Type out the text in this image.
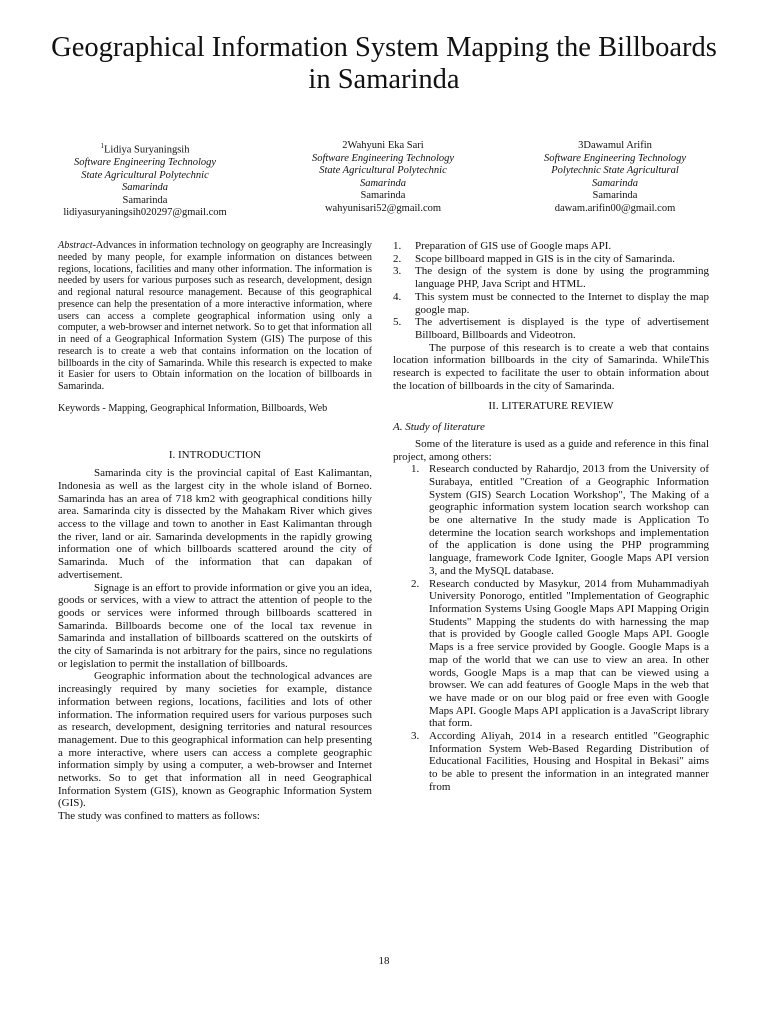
Geographical Information System Mapping the Billboards in Samarinda
$^1$Lidiya Suryaningsih
Software Engineering Technology
State Agricultural Polytechnic
Samarinda
Samarinda
lidiyasuryaningsih020297@gmail.com
2Wahyuni Eka Sari
Software Engineering Technology
State Agricultural Polytechnic
Samarinda
Samarinda
wahyunisari52@gmail.com
3Dawamul Arifin
Software Engineering Technology
Polytechnic State Agricultural
Samarinda
Samarinda
dawam.arifin00@gmail.com

Abstract-Advances in information technology on geography are Increasingly needed by many people, for example information on distances between regions, locations, facilities and many other information. The information is needed by users for various purposes such as research, development, design and regional natural resource management. Because of this geographical presence can help the presentation of a more interactive information, where users can access a complete geographical information using only a computer, a web-browser and internet network. So to get that information all in need of a Geographical Information System (GIS) The purpose of this research is to create a web that contains information on the location of billboards in the city of Samarinda. While this research is expected to make it Easier for users to Obtain information on the location of billboards in Samarinda.

Keywords - Mapping, Geographical Information, Billboards, Web

I. INTRODUCTION

Samarinda city is the provincial capital of East Kalimantan, Indonesia as well as the largest city in the whole island of Borneo. Samarinda has an area of 718 km2 with geographical conditions hilly area. Samarinda city is dissected by the Mahakam River which gives access to the village and town to another in East Kalimantan through the river, land or air. Samarinda developments in the rapidly growing information one of which billboards scattered around the city of Samarinda. Much of the information that can dapakan of advertisement.

Signage is an effort to provide information or give you an idea, goods or services, with a view to attract the attention of people to the goods or services were informed through billboards scattered in Samarinda. Billboards become one of the local tax revenue in Samarinda and installation of billboards scattered on the outskirts of the city of Samarinda is not arbitrary for the pairs, since no regulations or legislation to permit the installation of billboards.

Geographic information about the technological advances are increasingly required by many societies for example, distance information between regions, locations, facilities and lots of other information. The information required users for various purposes such as research, development, designing territories and natural resources management. Due to this geographical information can help presenting a more interactive, where users can access a complete geographic information simply by using a computer, a web-browser and Internet networks. So to get that information all in need Geographical Information System (GIS), known as Geographic Information System (GIS).

The study was confined to matters as follows:

1. Preparation of GIS use of Google maps API.
2. Scope billboard mapped in GIS is in the city of Samarinda.
3. The design of the system is done by using the programming language PHP, Java Script and HTML.
4. This system must be connected to the Internet to display the map google map.
5. The advertisement is displayed is the type of advertisement Billboard, Billboards and Videotron.

The purpose of this research is to create a web that contains location information billboards in the city of Samarinda. WhileThis research is expected to facilitate the user to obtain information about the location of billboards in the city of Samarinda.

II. LITERATURE REVIEW

A. Study of literature

Some of the literature is used as a guide and reference in this final project, among others:

1. Research conducted by Rahardjo, 2013 from the University of Surabaya, entitled "Creation of a Geographic Information System (GIS) Search Location Workshop", The Making of a geographic information system location search workshop can be one alternative In the study made is Application To determine the location search workshops and implementation of the application is done using the PHP programming language, framework Code Igniter, Google Maps API version 3, and the MySQL database.
2. Research conducted by Masykur, 2014 from Muhammadiyah University Ponorogo, entitled "Implementation of Geographic Information Systems Using Google Maps API Mapping Origin Students" Mapping the students do with harnessing the map that is provided by Google called Google Maps API. Google Maps is a free service provided by Google. Google Maps is a map of the world that we can use to view an area. In other words, Google Maps is a map that can be viewed using a browser. We can add features of Google Maps in the web that we have made or on our blog paid or free even with Google Maps API. Google Maps API application is a JavaScript library that form.
3. According Aliyah, 2014 in a research entitled "Geographic Information System Web-Based Regarding Distribution of Educational Facilities, Housing and Hospital in Bekasi" aims to be able to present the information in an integrated manner from
18
